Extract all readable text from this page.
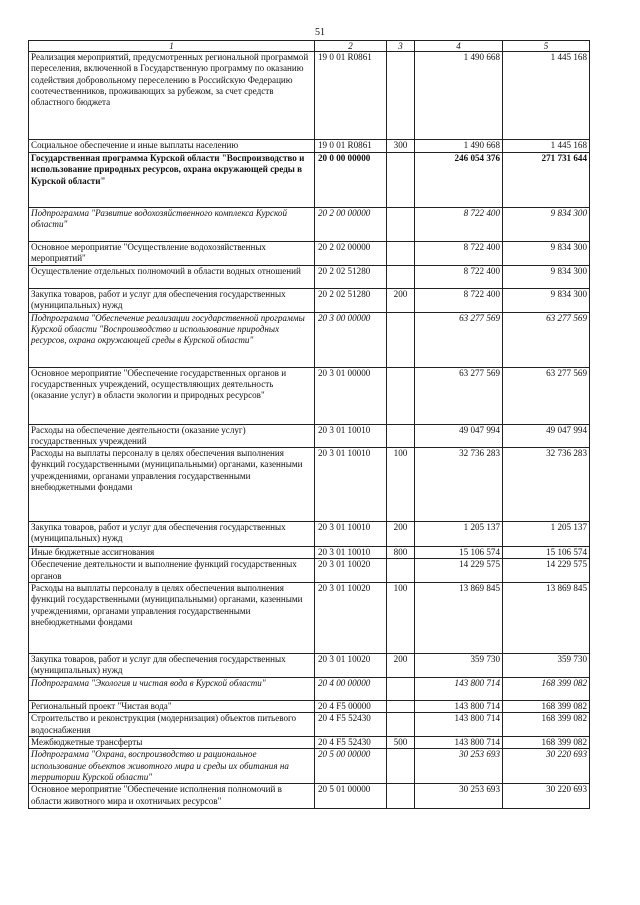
51
1	2	3	4	5
Реализация мероприятий, предусмотренных региональной программой переселения, включенной в Государственную программу по оказанию содействия добровольному переселению в Российскую Федерацию соотечественников, проживающих за рубежом, за счет средств областного бюджета	19 0 01 R0861		1 490 668	1 445 168
Социальное обеспечение и иные выплаты населению	19 0 01 R0861	300	1 490 668	1 445 168
Государственная программа Курской области "Воспроизводство и использование природных ресурсов, охрана окружающей среды в Курской области"	20 0 00 00000		246 054 376	271 731 644
Подпрограмма "Развитие водохозяйственного комплекса Курской области"	20 2 00 00000		8 722 400	9 834 300
Основное мероприятие "Осуществление водохозяйственных мероприятий"	20 2 02 00000		8 722 400	9 834 300
Осуществление отдельных полномочий в области водных отношений	20 2 02 51280		8 722 400	9 834 300
Закупка товаров, работ и услуг для обеспечения государственных (муниципальных) нужд	20 2 02 51280	200	8 722 400	9 834 300
Подпрограмма "Обеспечение реализации государственной программы Курской области "Воспроизводство и использование природных ресурсов, охрана окружающей среды в Курской области"	20 3 00 00000		63 277 569	63 277 569
Основное мероприятие "Обеспечение государственных органов и государственных учреждений, осуществляющих деятельность (оказание услуг) в области экологии и природных ресурсов"	20 3 01 00000		63 277 569	63 277 569
Расходы на обеспечение деятельности (оказание услуг) государственных учреждений	20 3 01 10010		49 047 994	49 047 994
Расходы на выплаты персоналу в целях обеспечения выполнения функций государственными (муниципальными) органами, казенными учреждениями, органами управления государственными внебюджетными фондами	20 3 01 10010	100	32 736 283	32 736 283
Закупка товаров, работ и услуг для обеспечения государственных (муниципальных) нужд	20 3 01 10010	200	1 205 137	1 205 137
Иные бюджетные ассигнования	20 3 01 10010	800	15 106 574	15 106 574
Обеспечение деятельности и выполнение функций государственных органов	20 3 01 10020		14 229 575	14 229 575
Расходы на выплаты персоналу в целях обеспечения выполнения функций государственными (муниципальными) органами, казенными учреждениями, органами управления государственными внебюджетными фондами	20 3 01 10020	100	13 869 845	13 869 845
Закупка товаров, работ и услуг для обеспечения государственных (муниципальных) нужд	20 3 01 10020	200	359 730	359 730
Подпрограмма "Экология и чистая вода в Курской области"	20 4 00 00000		143 800 714	168 399 082
Региональный проект "Чистая вода"	20 4 F5 00000		143 800 714	168 399 082
Строительство и реконструкция (модернизация) объектов питьевого водоснабжения	20 4 F5 52430		143 800 714	168 399 082
Межбюджетные трансферты	20 4 F5 52430	500	143 800 714	168 399 082
Подпрограмма "Охрана, воспроизводство и рациональное использование объектов животного мира и среды их обитания на территории Курской области"	20 5 00 00000		30 253 693	30 220 693
Основное мероприятие "Обеспечение исполнения полномочий в области животного мира и охотничьих ресурсов"	20 5 01 00000		30 253 693	30 220 693
